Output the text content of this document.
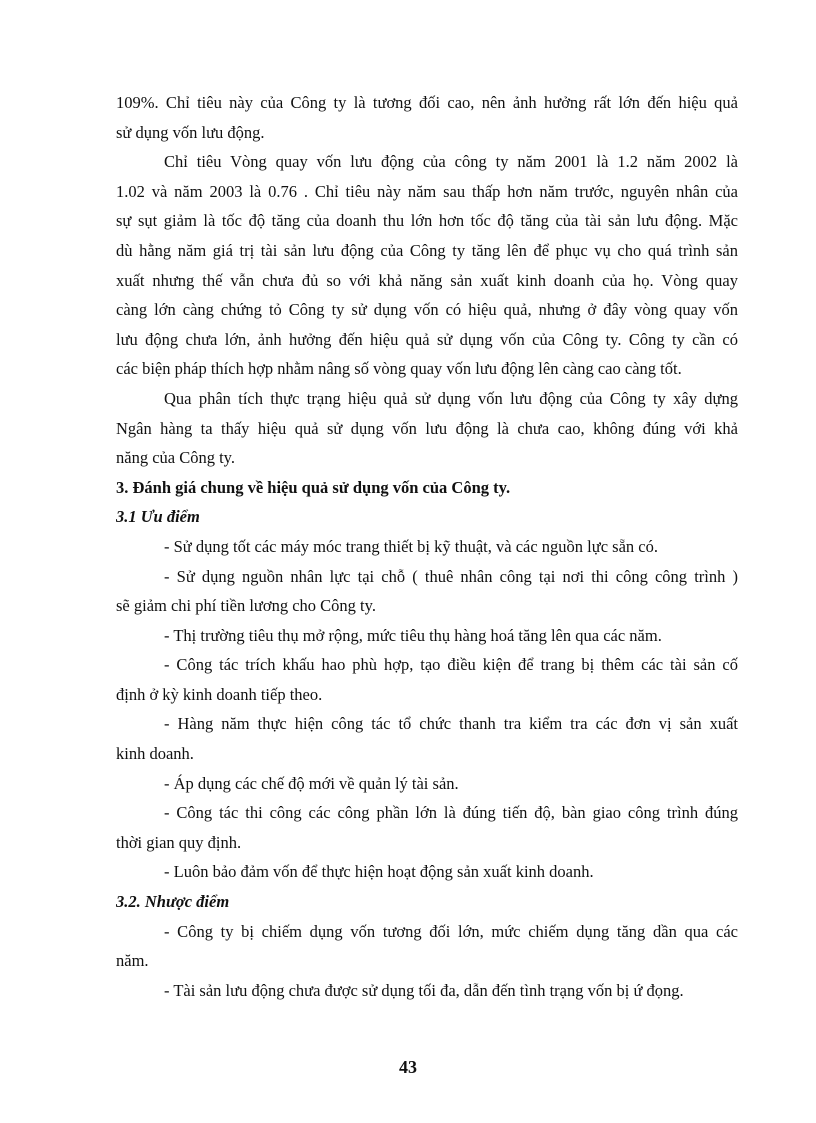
109%. Chỉ tiêu này của Công ty là tương đối cao, nên ảnh hưởng rất lớn đến hiệu quả
sử dụng vốn lưu động.
Chỉ tiêu Vòng quay vốn lưu động của công ty năm 2001 là 1.2 năm 2002 là
1.02 và năm 2003 là 0.76 . Chỉ tiêu này năm sau thấp hơn năm trước, nguyên nhân của
sự sụt giảm là tốc độ tăng của doanh thu lớn hơn tốc độ tăng của tài sản lưu động. Mặc
dù hằng năm giá trị tài sản lưu động của Công ty tăng lên để phục vụ cho quá trình sản
xuất nhưng thế vẫn chưa đủ so với khả năng sản xuất kinh doanh của họ. Vòng quay
càng lớn càng chứng tỏ Công ty sử dụng vốn có hiệu quả, nhưng ở đây vòng quay vốn
lưu động chưa lớn, ảnh hưởng đến hiệu quả sử dụng vốn của Công ty. Công ty cần có
các biện pháp thích hợp nhằm nâng số vòng quay vốn lưu động lên càng cao càng tốt.
Qua phân tích thực trạng hiệu quả sử dụng vốn lưu động của Công ty xây dựng
Ngân hàng ta thấy hiệu quả sử dụng vốn lưu động là chưa cao, không đúng với khả
năng của Công ty.
3. Đánh giá chung về hiệu quả sử dụng vốn của Công ty.
3.1 Ưu điểm
- Sử dụng tốt các máy móc trang thiết bị kỹ thuật, và các nguồn lực sẵn có.
- Sử dụng nguồn nhân lực tại chỗ ( thuê nhân công tại nơi thi công công trình )
sẽ giảm chi phí tiền lương cho Công ty.
- Thị trường tiêu thụ mở rộng, mức tiêu thụ hàng hoá tăng lên qua các năm.
- Công tác trích khấu hao phù hợp, tạo điều kiện để trang bị thêm các tài sản cố
định ở kỳ kinh doanh tiếp theo.
- Hàng năm thực hiện công tác tổ chức thanh tra kiểm tra các đơn vị sản xuất
kinh doanh.
- Áp dụng các chế độ mới về quản lý tài sản.
- Công tác thi công các công phần lớn là đúng tiến độ, bàn giao công trình đúng
thời gian quy định.
- Luôn bảo đảm vốn để thực hiện hoạt động sản xuất kinh doanh.
3.2. Nhược điểm
- Công ty bị chiếm dụng vốn tương đối lớn, mức chiếm dụng tăng dần qua các
năm.
- Tài sản lưu động chưa được sử dụng tối đa, dẫn đến tình trạng vốn bị ứ đọng.
43
